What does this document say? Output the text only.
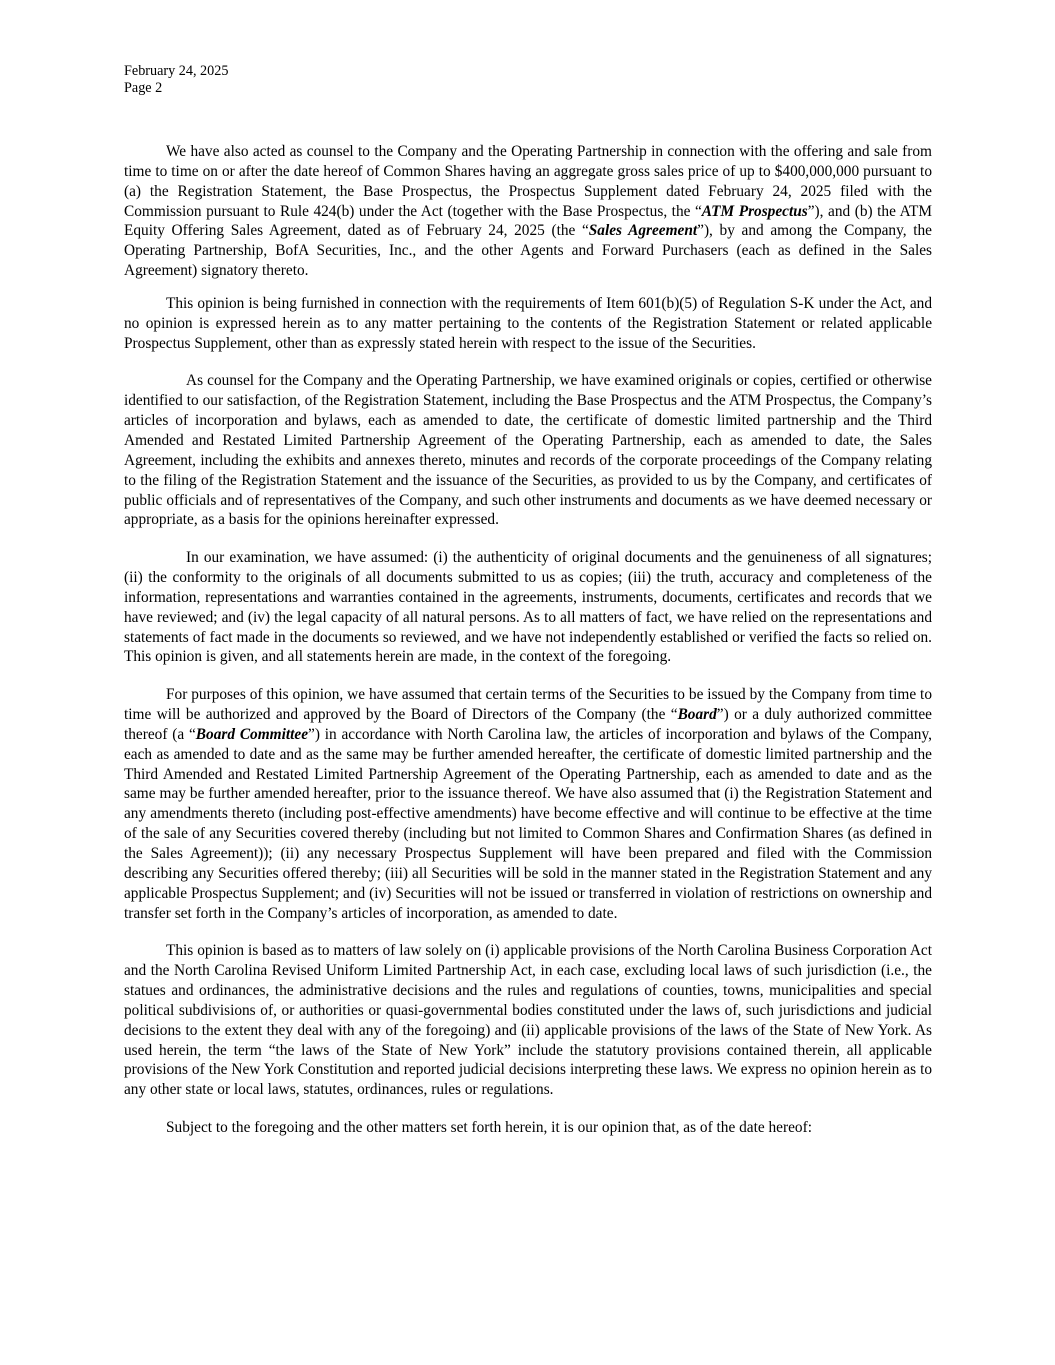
February 24, 2025

Page 2

We have also acted as counsel to the Company and the Operating Partnership in connection with the offering and sale from time to time on or after the date hereof of Common Shares having an aggregate gross sales price of up to $400,000,000 pursuant to (a) the Registration Statement, the Base Prospectus, the Prospectus Supplement dated February 24, 2025 filed with the Commission pursuant to Rule 424(b) under the Act (together with the Base Prospectus, the “ATM Prospectus”), and (b) the ATM Equity Offering Sales Agreement, dated as of February 24, 2025 (the “Sales Agreement”), by and among the Company, the Operating Partnership, BofA Securities, Inc., and the other Agents and Forward Purchasers (each as defined in the Sales Agreement) signatory thereto.

This opinion is being furnished in connection with the requirements of Item 601(b)(5) of Regulation S-K under the Act, and no opinion is expressed herein as to any matter pertaining to the contents of the Registration Statement or related applicable Prospectus Supplement, other than as expressly stated herein with respect to the issue of the Securities.

As counsel for the Company and the Operating Partnership, we have examined originals or copies, certified or otherwise identified to our satisfaction, of the Registration Statement, including the Base Prospectus and the ATM Prospectus, the Company’s articles of incorporation and bylaws, each as amended to date, the certificate of domestic limited partnership and the Third Amended and Restated Limited Partnership Agreement of the Operating Partnership, each as amended to date, the Sales Agreement, including the exhibits and annexes thereto, minutes and records of the corporate proceedings of the Company relating to the filing of the Registration Statement and the issuance of the Securities, as provided to us by the Company, and certificates of public officials and of representatives of the Company, and such other instruments and documents as we have deemed necessary or appropriate, as a basis for the opinions hereinafter expressed.

In our examination, we have assumed: (i) the authenticity of original documents and the genuineness of all signatures; (ii) the conformity to the originals of all documents submitted to us as copies; (iii) the truth, accuracy and completeness of the information, representations and warranties contained in the agreements, instruments, documents, certificates and records that we have reviewed; and (iv) the legal capacity of all natural persons. As to all matters of fact, we have relied on the representations and statements of fact made in the documents so reviewed, and we have not independently established or verified the facts so relied on. This opinion is given, and all statements herein are made, in the context of the foregoing.

For purposes of this opinion, we have assumed that certain terms of the Securities to be issued by the Company from time to time will be authorized and approved by the Board of Directors of the Company (the “Board”) or a duly authorized committee thereof (a “Board Committee”) in accordance with North Carolina law, the articles of incorporation and bylaws of the Company, each as amended to date and as the same may be further amended hereafter, the certificate of domestic limited partnership and the Third Amended and Restated Limited Partnership Agreement of the Operating Partnership, each as amended to date and as the same may be further amended hereafter, prior to the issuance thereof. We have also assumed that (i) the Registration Statement and any amendments thereto (including post-effective amendments) have become effective and will continue to be effective at the time of the sale of any Securities covered thereby (including but not limited to Common Shares and Confirmation Shares (as defined in the Sales Agreement)); (ii) any necessary Prospectus Supplement will have been prepared and filed with the Commission describing any Securities offered thereby; (iii) all Securities will be sold in the manner stated in the Registration Statement and any applicable Prospectus Supplement; and (iv) Securities will not be issued or transferred in violation of restrictions on ownership and transfer set forth in the Company’s articles of incorporation, as amended to date.

This opinion is based as to matters of law solely on (i) applicable provisions of the North Carolina Business Corporation Act and the North Carolina Revised Uniform Limited Partnership Act, in each case, excluding local laws of such jurisdiction (i.e., the statues and ordinances, the administrative decisions and the rules and regulations of counties, towns, municipalities and special political subdivisions of, or authorities or quasi-governmental bodies constituted under the laws of, such jurisdictions and judicial decisions to the extent they deal with any of the foregoing) and (ii) applicable provisions of the laws of the State of New York. As used herein, the term “the laws of the State of New York” include the statutory provisions contained therein, all applicable provisions of the New York Constitution and reported judicial decisions interpreting these laws. We express no opinion herein as to any other state or local laws, statutes, ordinances, rules or regulations.

Subject to the foregoing and the other matters set forth herein, it is our opinion that, as of the date hereof:
